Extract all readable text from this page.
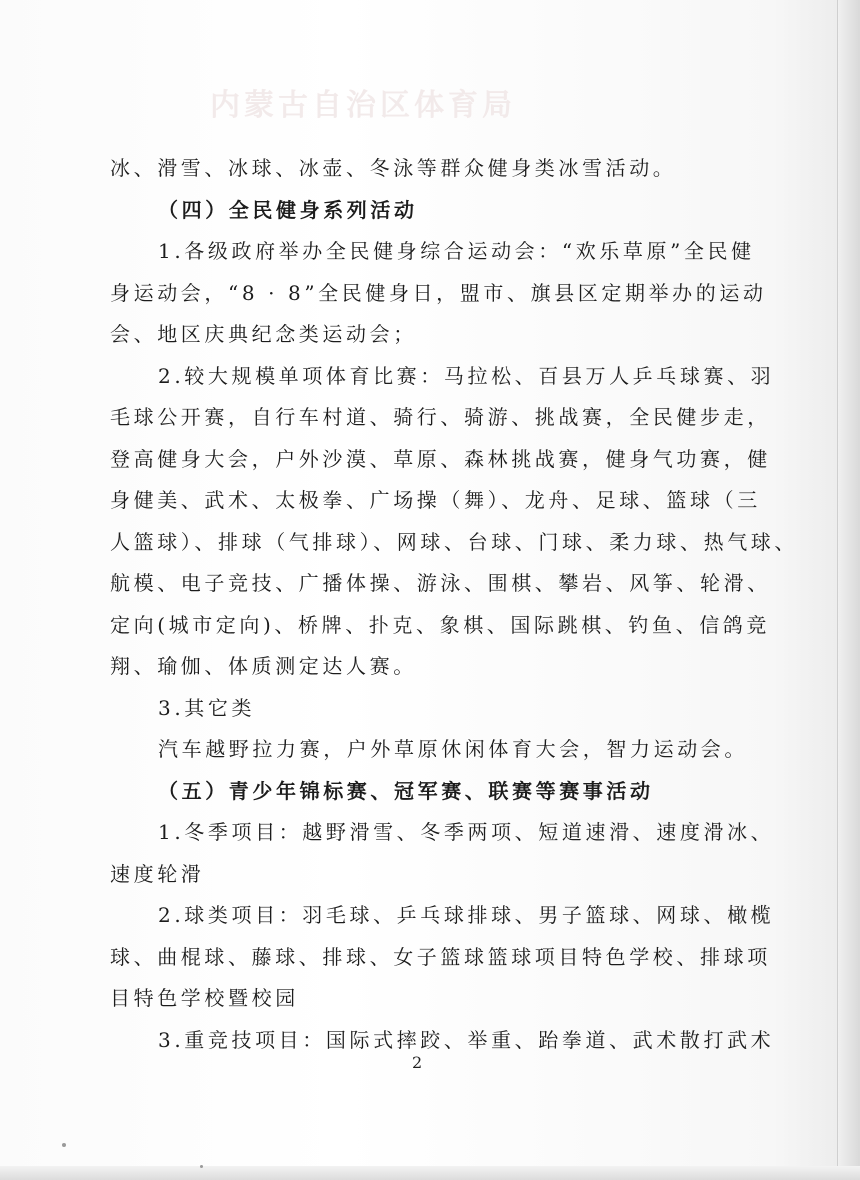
内蒙古自治区体育局
冰、滑雪、冰球、冰壶、冬泳等群众健身类冰雪活动。
（四）全民健身系列活动
1.各级政府举办全民健身综合运动会：“欢乐草原”全民健
身运动会，“8 · 8”全民健身日，盟市、旗县区定期举办的运动
会、地区庆典纪念类运动会；
2.较大规模单项体育比赛：马拉松、百县万人乒乓球赛、羽
毛球公开赛，自行车村道、骑行、骑游、挑战赛，全民健步走，
登高健身大会，户外沙漠、草原、森林挑战赛，健身气功赛，健
身健美、武术、太极拳、广场操（舞）、龙舟、足球、篮球（三
人篮球）、排球（气排球）、网球、台球、门球、柔力球、热气球、
航模、电子竞技、广播体操、游泳、围棋、攀岩、风筝、轮滑、
定向(城市定向)、桥牌、扑克、象棋、国际跳棋、钓鱼、信鸽竞
翔、瑜伽、体质测定达人赛。
3.其它类
汽车越野拉力赛，户外草原休闲体育大会，智力运动会。
（五）青少年锦标赛、冠军赛、联赛等赛事活动
1.冬季项目：越野滑雪、冬季两项、短道速滑、速度滑冰、
速度轮滑
2.球类项目：羽毛球、乒乓球排球、男子篮球、网球、橄榄
球、曲棍球、藤球、排球、女子篮球篮球项目特色学校、排球项
目特色学校暨校园
3.重竞技项目：国际式摔跤、举重、跆拳道、武术散打武术
2
